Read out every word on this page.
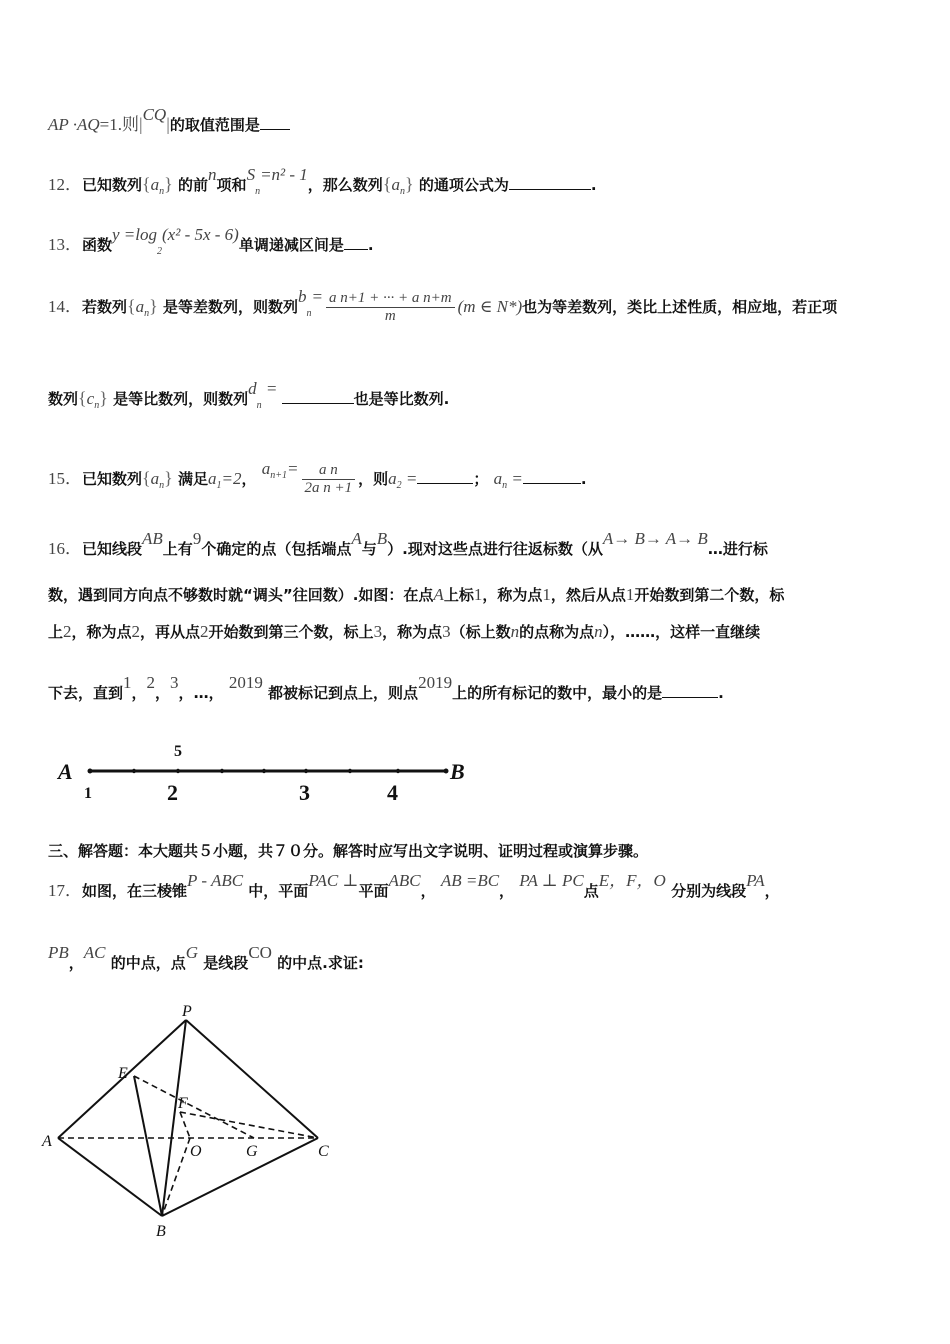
AP ·AQ=1.则|CQ|的取值范围是
12．已知数列$\{a_n\}$ 的前n项和$S_n=n^2 - 1$，那么数列$\{a_n\}$ 的通项公式为	.
13．函数$y =\log_2(x^2 - 5x - 6)$单调递减区间是 .
14．若数列$\{a_n\}$ 是等差数列，则数列$b_n= \frac{\text{a n+1 + ··· + a n+m}}{m} (m$ ∈ N*)也为等差数列，类比上述性质，相应地，若正项
数列$\{c_n\}$ 是等比数列，则数列$d_n$ = 也是等比数列.
15．已知数列$\{a_n\}$ 满足$a_1=2$， $a^{n+1}= \frac{\text{a n}}{\text{2a n +1}}$ ，则$a_2$ =	； $a_n$ =	.
16．已知线段AB上有9个确定的点（包括端点A与B）.现对这些点进行往返标数（从A→ B→ A→ B…进行标
数，遇到同方向点不够数时就“调头”往回数）.如图：在点A上标1，称为点1，然后从点1开始数到第二个数，标
上2，称为点2，再从点2开始数到第三个数，标上3，称为点3（标上数n的点称为点n），……，这样一直继续
下去，直到1，2，3，…， 2019 都被标记到点上，则点2019上的所有标记的数中，最小的是	.
A	B
1	2
5
3	4
三、解答题：本大题共５小题，共７０分。解答时应写出文字说明、证明过程或演算步骤。
17．如图，在三棱锥P - ABC 中，平面PAC ⊥平面ABC， AB =BC， PA ⊥ PC点E，F，O 分别为线段PA，
PB，AC 的中点，点G 是线段CO 的中点.求证:
P
E
F
A
O	G	C
B
